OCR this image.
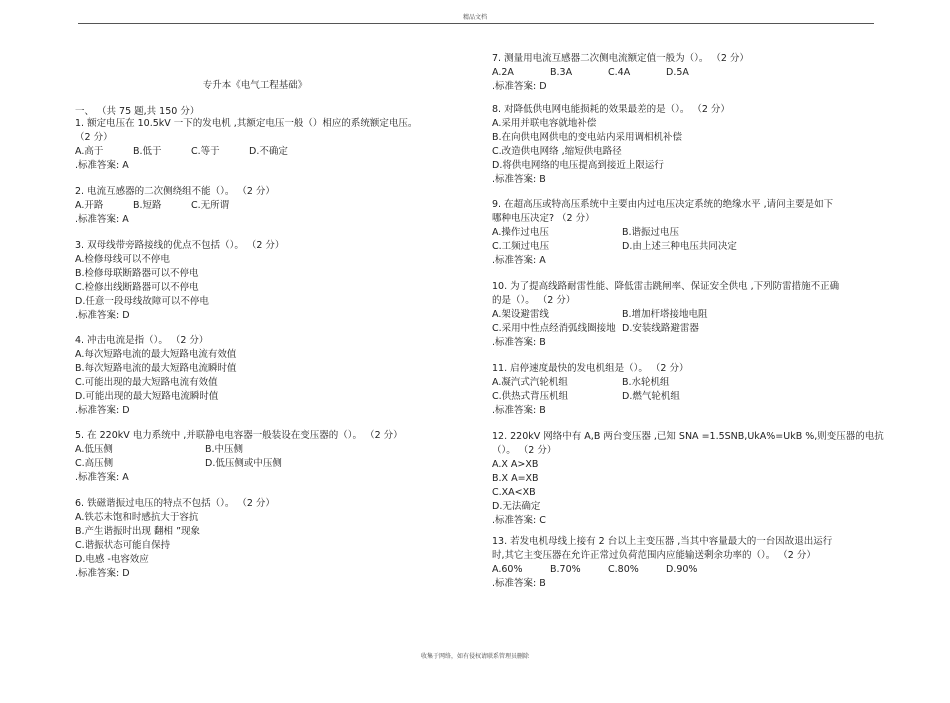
精品文档
专升本《电气工程基础》
一、 （共 75 题,共 150 分）
1. 额定电压在 10.5kV 一下的发电机 ,其额定电压一般（）相应的系统额定电压。
（2 分）
A.高于	B.低于	C.等于	D.不确定
.标准答案: A
2. 电流互感器的二次侧绕组不能（）。 （2 分）
A.开路	B.短路	C.无所谓
.标准答案: A
3. 双母线带旁路接线的优点不包括（）。 （2 分）
A.检修母线可以不停电
B.检修母联断路器可以不停电
C.检修出线断路器可以不停电
D.任意一段母线故障可以不停电
.标准答案: D
4. 冲击电流是指（）。 （2 分）
A.每次短路电流的最大短路电流有效值
B.每次短路电流的最大短路电流瞬时值
C.可能出现的最大短路电流有效值
D.可能出现的最大短路电流瞬时值
.标准答案: D
5. 在 220kV 电力系统中 ,并联静电电容器一般装设在变压器的（）。 （2 分）
A.低压侧	B.中压侧
C.高压侧	D.低压侧或中压侧
.标准答案: A
6. 铁磁谐振过电压的特点不包括（）。 （2 分）
A.铁芯未饱和时感抗大于容抗
B.产生谐振时出现 翻相 ”现象
C.谐振状态可能自保持
D.电感 -电容效应
.标准答案: D
7. 测量用电流互感器二次侧电流额定值一般为（）。 （2 分）
A.2A	B.3A	C.4A	D.5A
.标准答案: D
8. 对降低供电网电能损耗的效果最差的是（）。 （2 分）
A.采用并联电容就地补偿
B.在向供电网供电的变电站内采用调相机补偿
C.改造供电网络 ,缩短供电路径
D.将供电网络的电压提高到接近上限运行
.标准答案: B
9. 在超高压或特高压系统中主要由内过电压决定系统的绝缘水平 ,请问主要是如下
哪种电压决定? （2 分）
A.操作过电压	B.谐振过电压
C.工频过电压	D.由上述三种电压共同决定
.标准答案: A
10. 为了提高线路耐雷性能、降低雷击跳闸率、保证安全供电 ,下列防雷措施不正确
的是（）。 （2 分）
A.架设避雷线	B.增加杆塔接地电阻
C.采用中性点经消弧线圈接地 D.安装线路避雷器
.标准答案: B
11. 启停速度最快的发电机组是（）。 （2 分）
A.凝汽式汽轮机组	B.水轮机组
C.供热式背压机组	D.燃气轮机组
.标准答案: B
12. 220kV 网络中有 A,B 两台变压器 ,已知 SNA =1.5SNB,UkA%=UkB %,则变压器的电抗
（）。 （2 分）
A.X A>XB
B.X A=XB
C.XA<XB
D.无法确定
.标准答案: C
13. 若发电机母线上接有 2 台以上主变压器 ,当其中容量最大的一台因故退出运行
时,其它主变压器在允许正常过负荷范围内应能输送剩余功率的（）。 （2 分）
A.60%	B.70%	C.80%	D.90%
.标准答案: B
收集于网络，如有侵权请联系管理员删除
